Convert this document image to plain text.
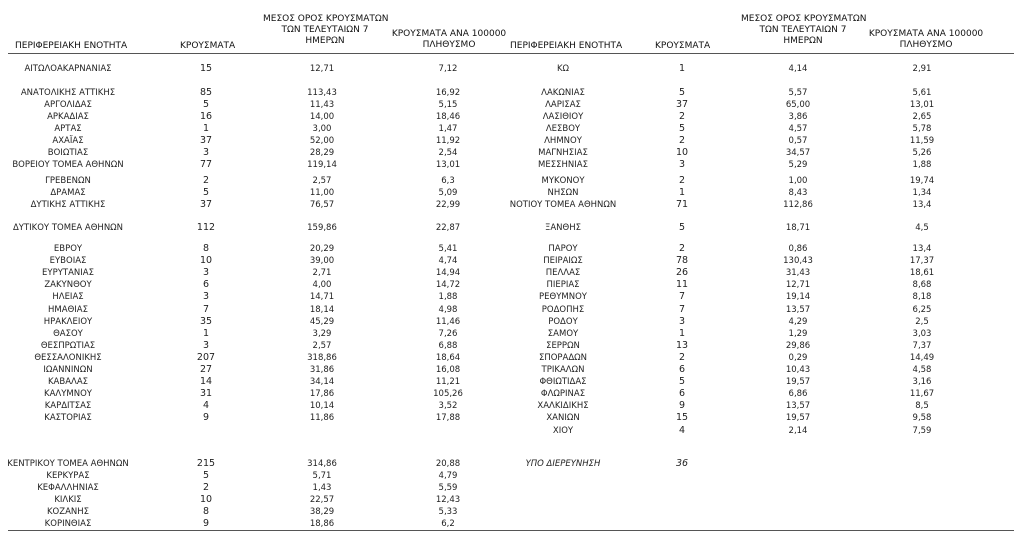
ΠΕΡΙΦΕΡΕΙΑΚΗ ΕΝΟΤΗΤΑ	ΚΡΟΥΣΜΑΤΑ
ΜΕΣΟΣ ΟΡΟΣ ΚΡΟΥΣΜΑΤΩΝ
ΤΩΝ ΤΕΛΕΥΤΑΙΩΝ 7
ΗΜΕΡΩΝ
ΚΡΟΥΣΜΑΤΑ ΑΝΑ 100000
ΠΛΗΘΥΣΜΟ	ΠΕΡΙΦΕΡΕΙΑΚΗ ΕΝΟΤΗΤΑ	ΚΡΟΥΣΜΑΤΑ
ΜΕΣΟΣ ΟΡΟΣ ΚΡΟΥΣΜΑΤΩΝ
ΤΩΝ ΤΕΛΕΥΤΑΙΩΝ 7
ΗΜΕΡΩΝ
ΚΡΟΥΣΜΑΤΑ ΑΝΑ 100000
ΠΛΗΘΥΣΜΟ
ΑΙΤΩΛΟΑΚΑΡΝΑΝΙΑΣ	15	12,71	7,12
ΑΝΑΤΟΛΙΚΗΣ ΑΤΤΙΚΗΣ	85	113,43	16,92
ΑΡΓΟΛΙΔΑΣ	5	11,43	5,15
ΑΡΚΑΔΙΑΣ	16	14,00	18,46
ΑΡΤΑΣ	1	3,00	1,47
ΑΧΑΪΑΣ	37	52,00	11,92
ΒΟΙΩΤΙΑΣ	3	28,29	2,54
ΒΟΡΕΙΟΥ ΤΟΜΕΑ ΑΘΗΝΩΝ	77	119,14	13,01
ΓΡΕΒΕΝΩΝ	2	2,57	6,3
ΔΡΑΜΑΣ	5	11,00	5,09
ΔΥΤΙΚΗΣ ΑΤΤΙΚΗΣ	37	76,57	22,99
ΔΥΤΙΚΟΥ ΤΟΜΕΑ ΑΘΗΝΩΝ	112	159,86	22,87
ΕΒΡΟΥ	8	20,29	5,41
ΕΥΒΟΙΑΣ	10	39,00	4,74
ΕΥΡΥΤΑΝΙΑΣ	3	2,71	14,94
ΖΑΚΥΝΘΟΥ	6	4,00	14,72
ΗΛΕΙΑΣ	3	14,71	1,88
ΗΜΑΘΙΑΣ	7	18,14	4,98
ΗΡΑΚΛΕΙΟΥ	35	45,29	11,46
ΘΑΣΟΥ	1	3,29	7,26
ΘΕΣΠΡΩΤΙΑΣ	3	2,57	6,88
ΘΕΣΣΑΛΟΝΙΚΗΣ	207	318,86	18,64
ΙΩΑΝΝΙΝΩΝ	27	31,86	16,08
ΚΑΒΑΛΑΣ	14	34,14	11,21
ΚΑΛΥΜΝΟΥ	31	17,86	105,26
ΚΑΡΔΙΤΣΑΣ	4	10,14	3,52
ΚΑΣΤΟΡΙΑΣ	9	11,86	17,88
ΚΕΝΤΡΙΚΟΥ ΤΟΜΕΑ ΑΘΗΝΩΝ	215	314,86	20,88
ΚΕΡΚΥΡΑΣ	5	5,71	4,79
ΚΕΦΑΛΛΗΝΙΑΣ	2	1,43	5,59
ΚΙΛΚΙΣ	10	22,57	12,43
ΚΟΖΑΝΗΣ	8	38,29	5,33
ΚΟΡΙΝΘΙΑΣ	9	18,86	6,2
ΚΩ	1	4,14	2,91
ΛΑΚΩΝΙΑΣ	5	5,57	5,61
ΛΑΡΙΣΑΣ	37	65,00	13,01
ΛΑΣΙΘΙΟΥ	2	3,86	2,65
ΛΕΣΒΟΥ	5	4,57	5,78
ΛΗΜΝΟΥ	2	0,57	11,59
ΜΑΓΝΗΣΙΑΣ	10	34,57	5,26
ΜΕΣΣΗΝΙΑΣ	3	5,29	1,88
ΜΥΚΟΝΟΥ	2	1,00	19,74
ΝΗΣΩΝ	1	8,43	1,34
ΝΟΤΙΟΥ ΤΟΜΕΑ ΑΘΗΝΩΝ	71	112,86	13,4
ΞΑΝΘΗΣ	5	18,71	4,5
ΠΑΡΟΥ	2	0,86	13,4
ΠΕΙΡΑΙΩΣ	78	130,43	17,37
ΠΕΛΛΑΣ	26	31,43	18,61
ΠΙΕΡΙΑΣ	11	12,71	8,68
ΡΕΘΥΜΝΟΥ	7	19,14	8,18
ΡΟΔΟΠΗΣ	7	13,57	6,25
ΡΟΔΟΥ	3	4,29	2,5
ΣΑΜΟΥ	1	1,29	3,03
ΣΕΡΡΩΝ	13	29,86	7,37
ΣΠΟΡΑΔΩΝ	2	0,29	14,49
ΤΡΙΚΑΛΩΝ	6	10,43	4,58
ΦΘΙΩΤΙΔΑΣ	5	19,57	3,16
ΦΛΩΡΙΝΑΣ	6	6,86	11,67
ΧΑΛΚΙΔΙΚΗΣ	9	13,57	8,5
ΧΑΝΙΩΝ	15	19,57	9,58
ΧΙΟΥ	4	2,14	7,59
ΥΠΟ ΔΙΕΡΕΥΝΗΣΗ	36
